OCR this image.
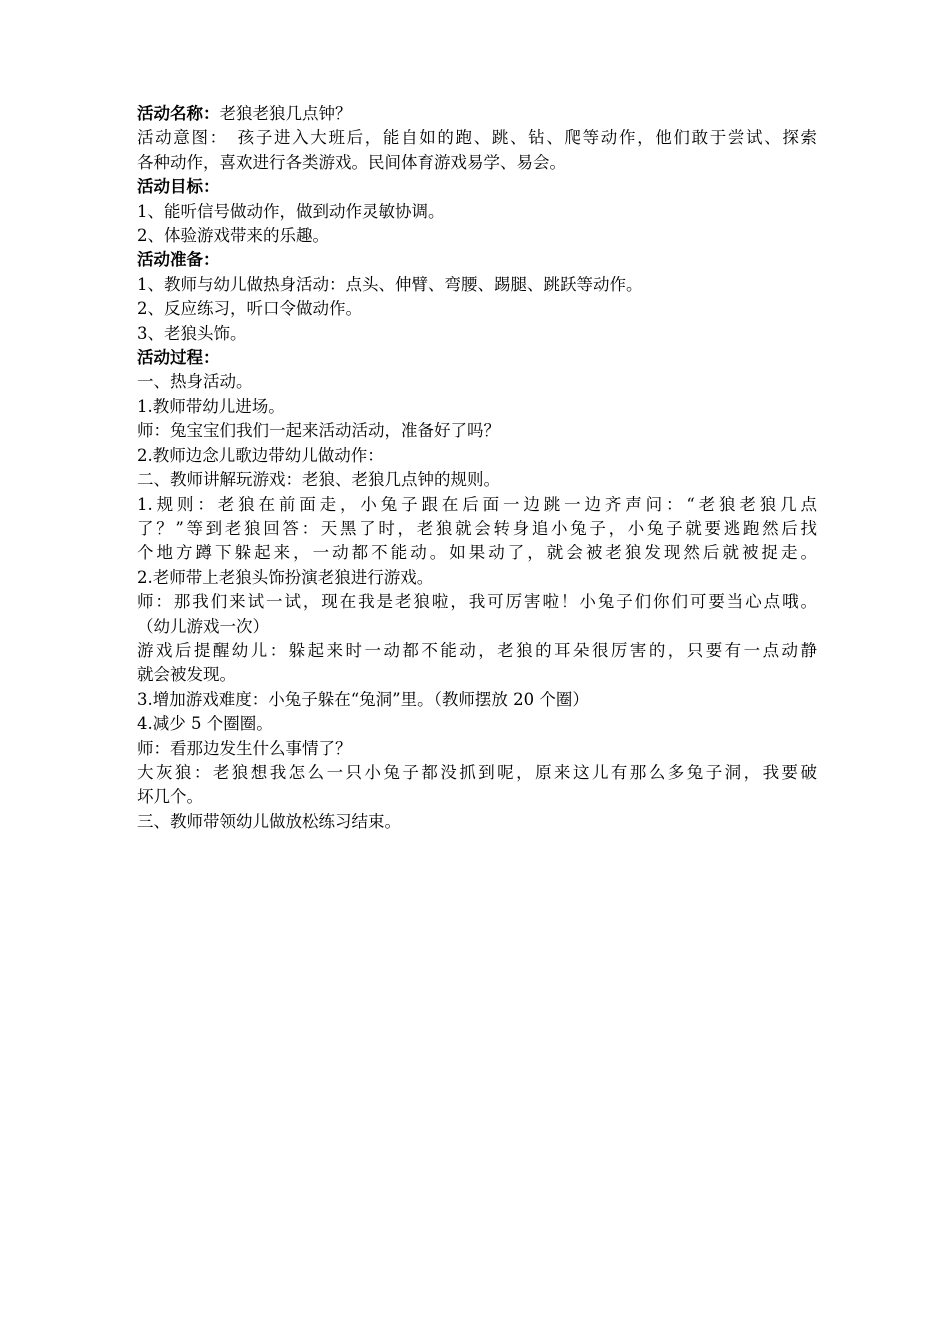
活动名称：老狼老狼几点钟？
活动意图：　孩子进入大班后，能自如的跑、跳、钻、爬等动作，他们敢于尝试、探索
各种动作，喜欢进行各类游戏。民间体育游戏易学、易会。
活动目标：
1、能听信号做动作，做到动作灵敏协调。
2、体验游戏带来的乐趣。
活动准备：
1、教师与幼儿做热身活动：点头、伸臂、弯腰、踢腿、跳跃等动作。
2、反应练习，听口令做动作。
3、老狼头饰。
活动过程：
一、热身活动。
1.教师带幼儿进场。
师：兔宝宝们我们一起来活动活动，准备好了吗？
2.教师边念儿歌边带幼儿做动作：
二、教师讲解玩游戏：老狼、老狼几点钟的规则。
1.规则：老狼在前面走，小兔子跟在后面一边跳一边齐声问：“老狼老狼几点
了？”等到老狼回答：天黑了时，老狼就会转身追小兔子，小兔子就要逃跑然后找
个地方蹲下躲起来，一动都不能动。如果动了，就会被老狼发现然后就被捉走。
2.老师带上老狼头饰扮演老狼进行游戏。
师：那我们来试一试，现在我是老狼啦，我可厉害啦！小兔子们你们可要当心点哦。
（幼儿游戏一次）
游戏后提醒幼儿：躲起来时一动都不能动，老狼的耳朵很厉害的，只要有一点动静
就会被发现。
3.增加游戏难度：小兔子躲在“兔洞”里。（教师摆放 20 个圈）
4.减少 5 个圈圈。
师：看那边发生什么事情了？
大灰狼：老狼想我怎么一只小兔子都没抓到呢，原来这儿有那么多兔子洞，我要破
坏几个。
三、教师带领幼儿做放松练习结束。
